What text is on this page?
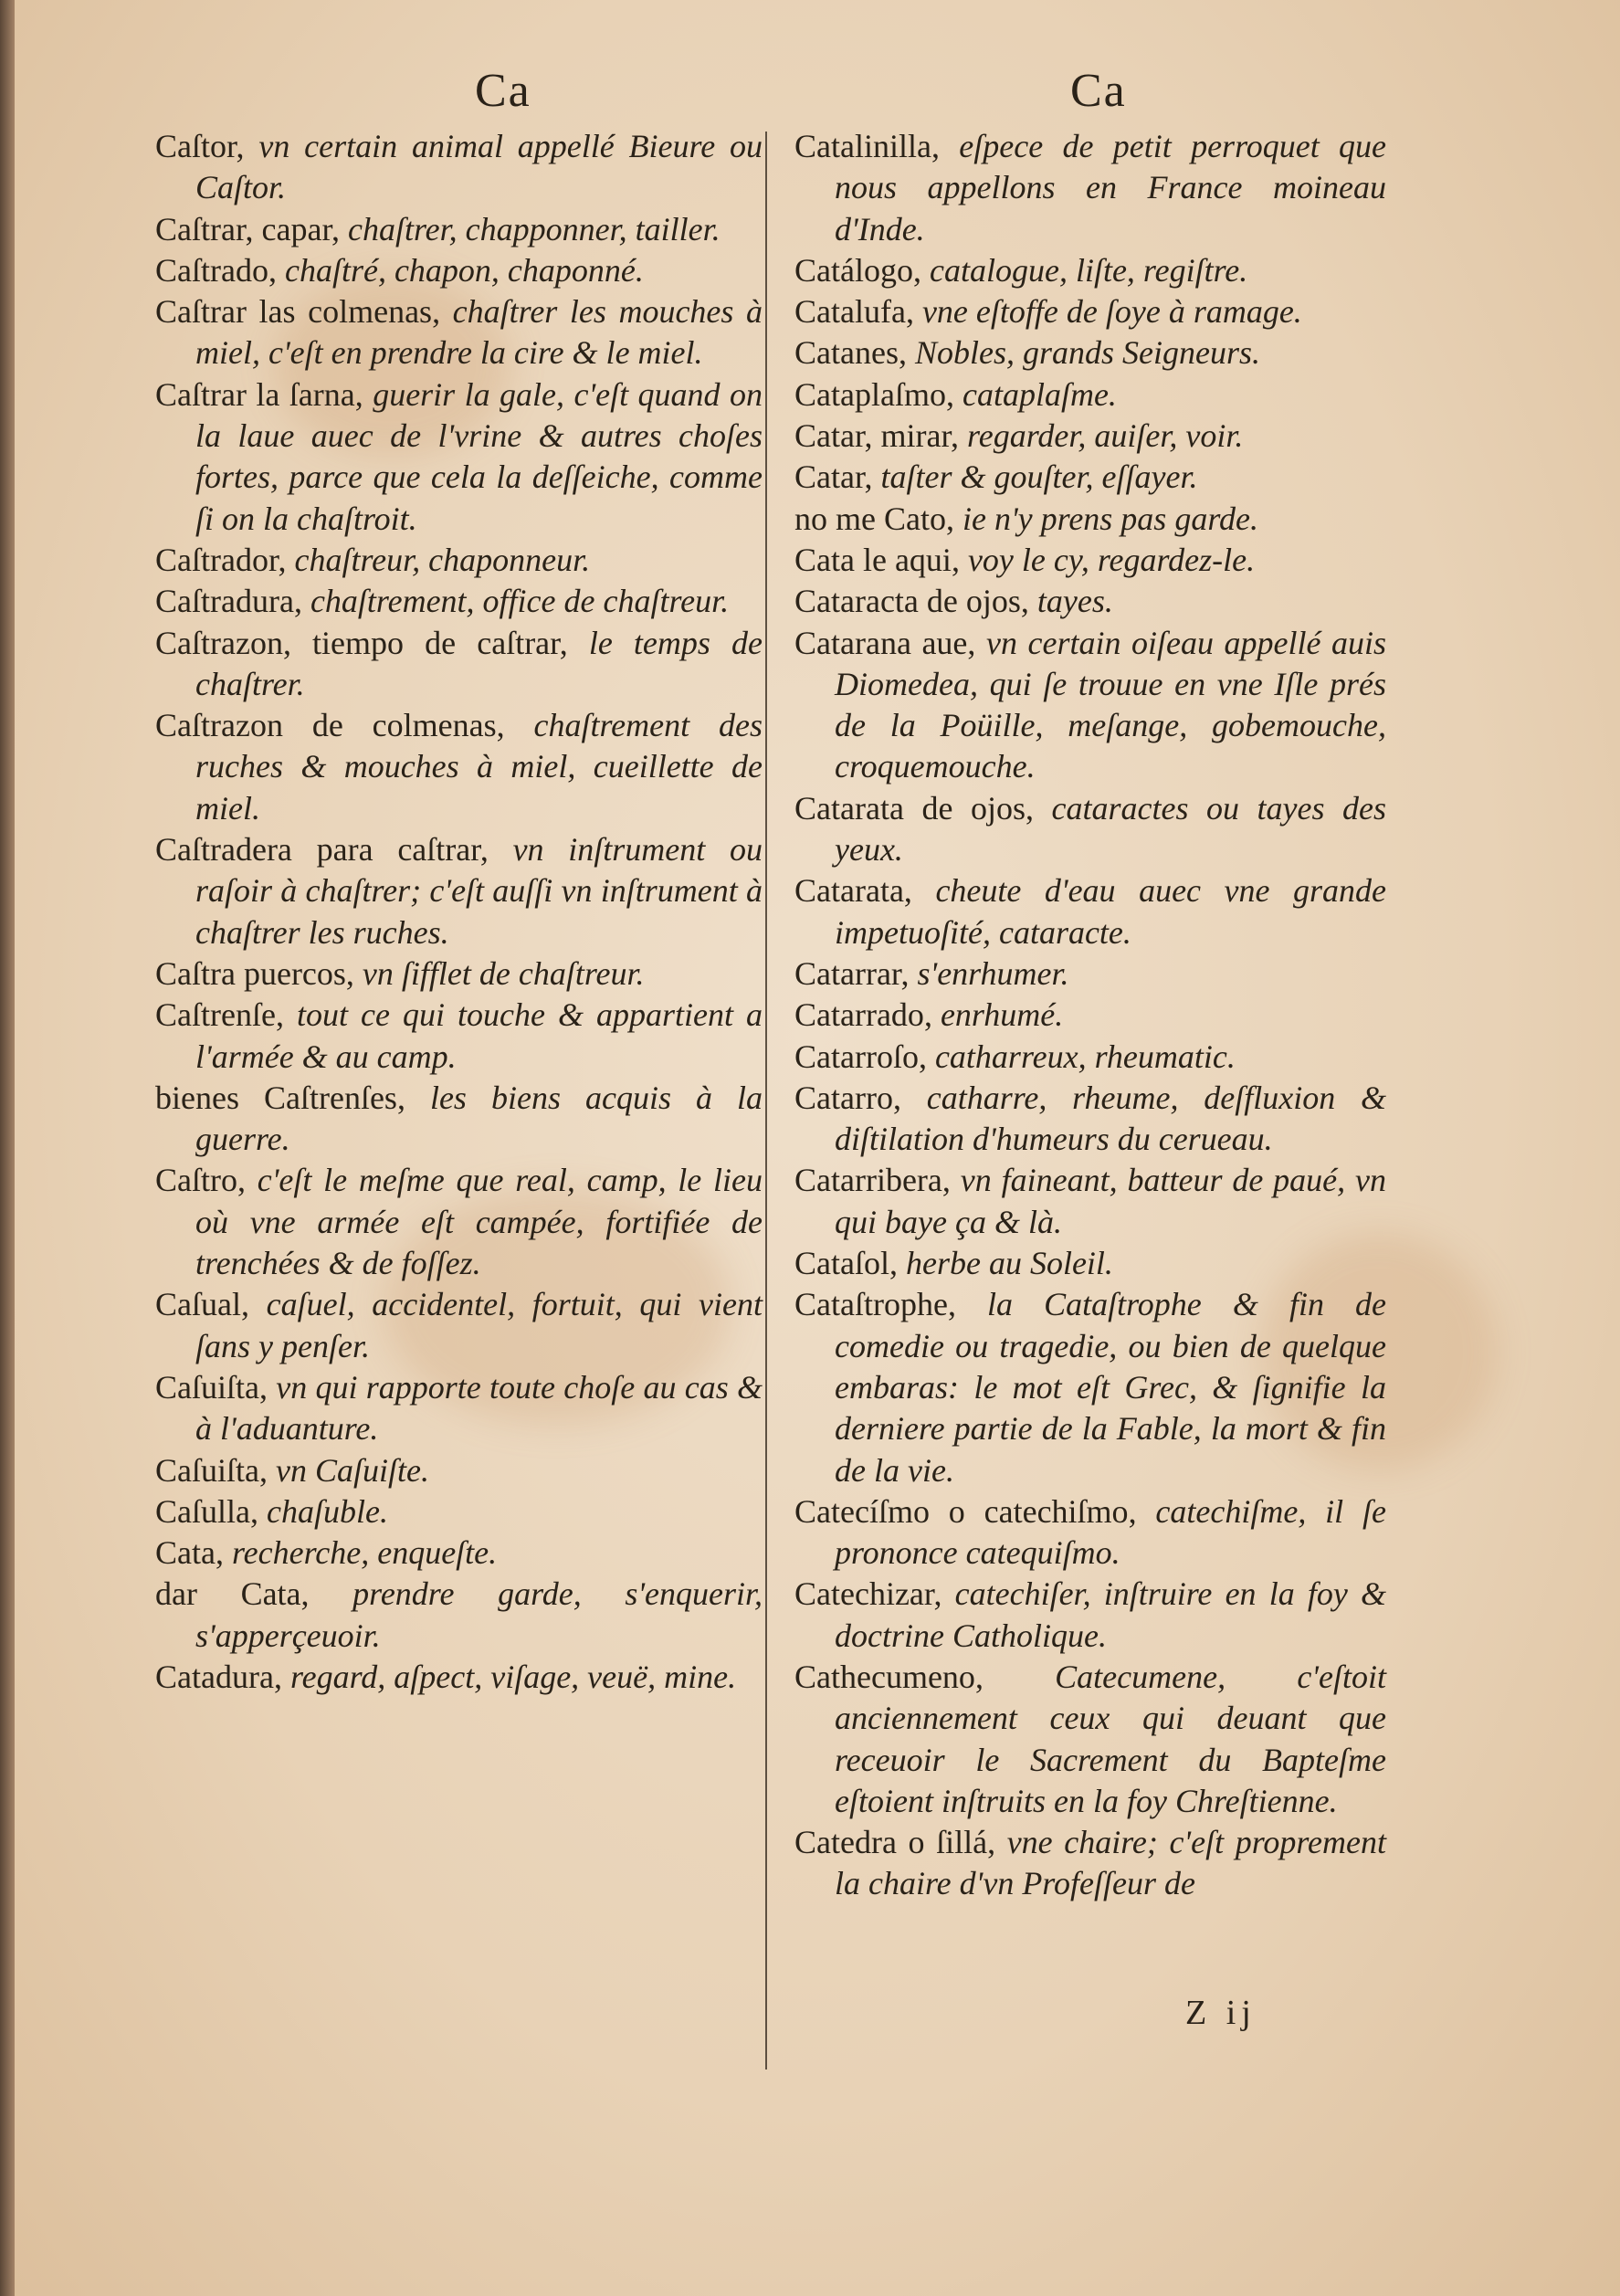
Ca	Ca

Caſtor, vn certain animal appellé Bieure ou Caſtor.

Caſtrar, capar, chaſtrer, chapponner, tailler.

Caſtrado, chaſtré, chapon, chaponné.

Caſtrar las colmenas, chaſtrer les mouches à miel, c'eſt en prendre la cire & le miel.

Caſtrar la ſarna, guerir la gale, c'eſt quand on la laue auec de l'vrine & autres choſes fortes, parce que cela la deſſeiche, comme ſi on la chaſtroit.

Caſtrador, chaſtreur, chaponneur.

Caſtradura, chaſtrement, office de chaſtreur.

Caſtrazon, tiempo de caſtrar, le temps de chaſtrer.

Caſtrazon de colmenas, chaſtrement des ruches & mouches à miel, cueillette de miel.

Caſtradera para caſtrar, vn inſtrument ou raſoir à chaſtrer; c'eſt auſſi vn inſtrument à chaſtrer les ruches.

Caſtra puercos, vn ſifflet de chaſtreur.

Caſtrenſe, tout ce qui touche & appartient a l'armée & au camp.

bienes Caſtrenſes, les biens acquis à la guerre.

Caſtro, c'eſt le meſme que real, camp, le lieu où vne armée eſt campée, fortifiée de trenchées & de foſſez.

Caſual, caſuel, accidentel, fortuit, qui vient ſans y penſer.

Caſuiſta, vn qui rapporte toute choſe au cas & à l'aduanture.

Caſuiſta, vn Caſuiſte.

Caſulla, chaſuble.

Cata, recherche, enqueſte.

dar Cata, prendre garde, s'enquerir, s'apperçeuoir.

Catadura, regard, aſpect, viſage, veuë, mine.

Catalinilla, eſpece de petit perroquet que nous appellons en France moineau d'Inde.

Catálogo, catalogue, liſte, regiſtre.

Catalufa, vne eſtoffe de ſoye à ramage.

Catanes, Nobles, grands Seigneurs.

Cataplaſmo, cataplaſme.

Catar, mirar, regarder, auiſer, voir.

Catar, taſter & gouſter, eſſayer.

no me Cato, ie n'y prens pas garde.

Cata le aqui, voy le cy, regardez-le.

Cataracta de ojos, tayes.

Catarana aue, vn certain oiſeau appellé auis Diomedea, qui ſe trouue en vne Iſle prés de la Poüille, meſange, gobemouche, croquemouche.

Catarata de ojos, cataractes ou tayes des yeux.

Catarata, cheute d'eau auec vne grande impetuoſité, cataracte.

Catarrar, s'enrhumer.

Catarrado, enrhumé.

Catarroſo, catharreux, rheumatic.

Catarro, catharre, rheume, deſfluxion & diſtilation d'humeurs du cerueau.

Catarribera, vn faineant, batteur de paué, vn qui baye ça & là.

Cataſol, herbe au Soleil.

Cataſtrophe, la Cataſtrophe & fin de comedie ou tragedie, ou bien de quelque embaras: le mot eſt Grec, & ſignifie la derniere partie de la Fable, la mort & fin de la vie.

Catecíſmo o catechiſmo, catechiſme, il ſe prononce catequiſmo.

Catechizar, catechiſer, inſtruire en la foy & doctrine Catholique.

Cathecumeno, Catecumene, c'eſtoit anciennement ceux qui deuant que receuoir le Sacrement du Bapteſme eſtoient inſtruits en la foy Chreſtienne.

Catedra o ſillá, vne chaire; c'eſt proprement la chaire d'vn Profeſſeur de

Z ij
